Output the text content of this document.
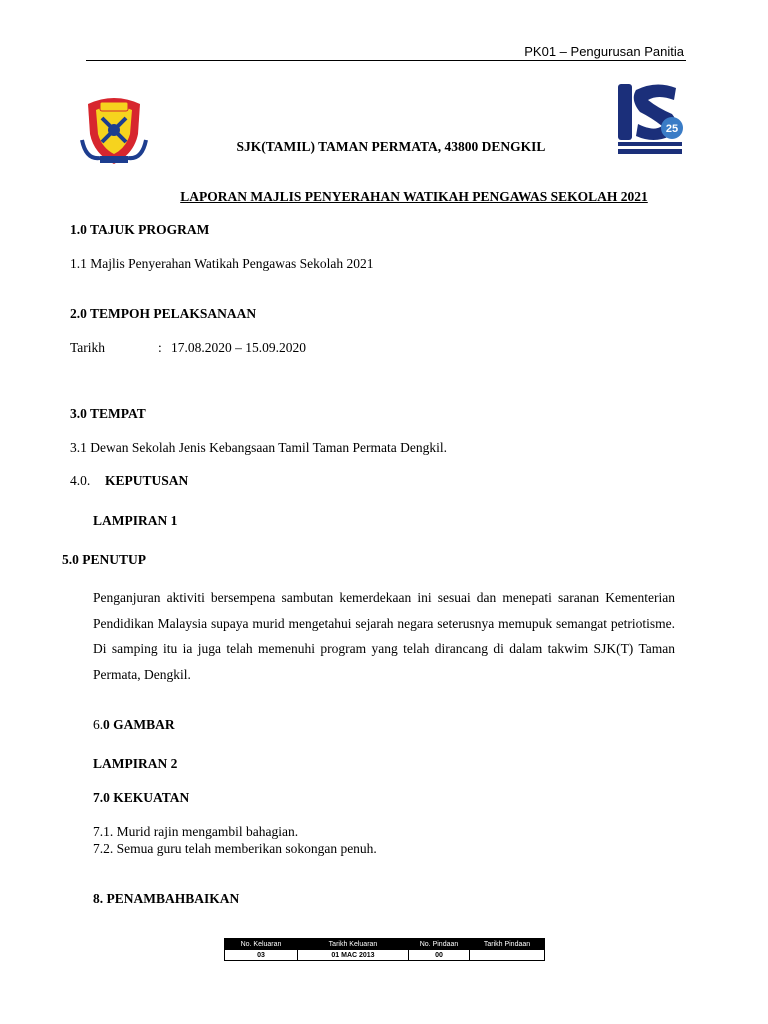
PK01 – Pengurusan Panitia
25
SJK(TAMIL) TAMAN PERMATA, 43800 DENGKIL
LAPORAN MAJLIS PENYERAHAN WATIKAH PENGAWAS SEKOLAH 2021
1.0 TAJUK PROGRAM
1.1 Majlis Penyerahan Watikah Pengawas Sekolah 2021
2.0 TEMPOH PELAKSANAAN
Tarikh	: 17.08.2020 – 15.09.2020
3.0 TEMPAT
3.1 Dewan Sekolah Jenis Kebangsaan Tamil Taman Permata Dengkil.
4.0. KEPUTUSAN
LAMPIRAN 1
5.0 PENUTUP
Penganjuran aktiviti bersempena sambutan kemerdekaan ini sesuai dan menepati saranan Kementerian Pendidikan Malaysia supaya murid mengetahui sejarah negara seterusnya memupuk semangat petriotisme. Di samping itu ia juga telah memenuhi program yang telah dirancang di dalam takwim SJK(T) Taman Permata, Dengkil.
6. 0 GAMBAR
LAMPIRAN 2
7.0 KEKUATAN
7.1. Murid rajin mengambil bahagian.
7.2. Semua guru telah memberikan sokongan penuh.
8. PENAMBAHBAIKAN
No. Keluaran	Tarikh Keluaran	No. Pindaan	Tarikh Pindaan
03	01 MAC 2013	00	
